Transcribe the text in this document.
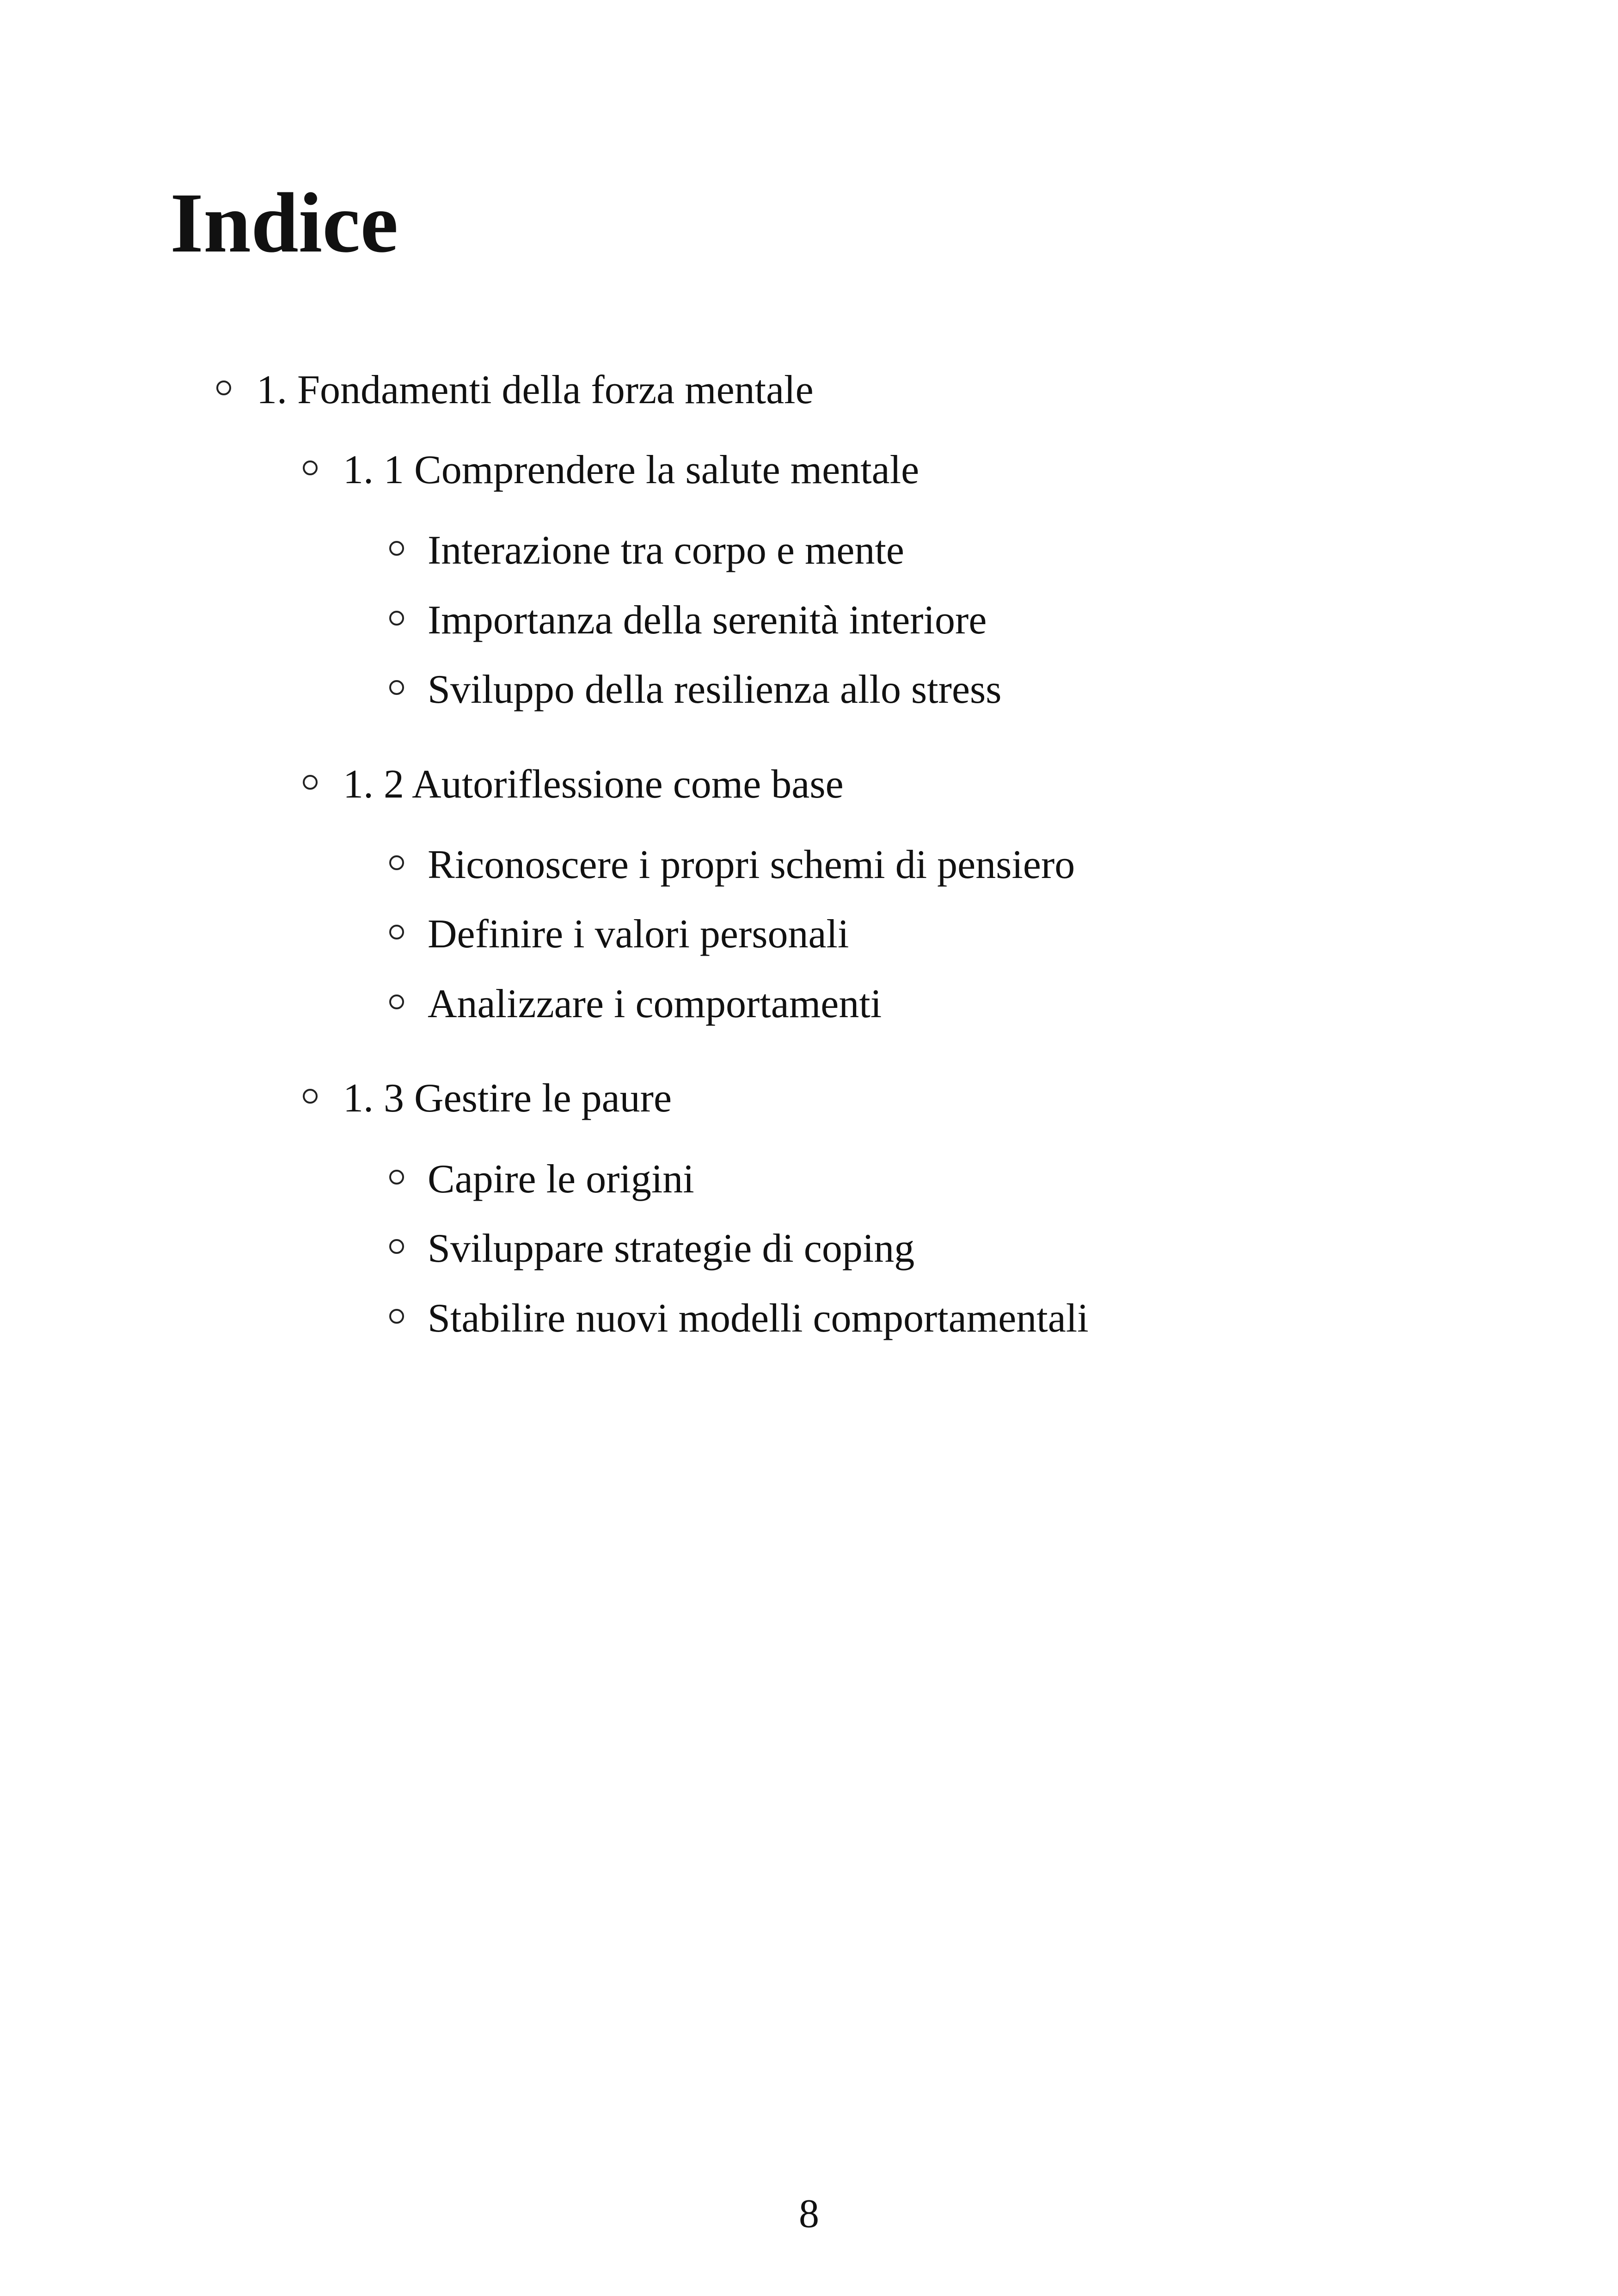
Indice
1. Fondamenti della forza mentale
1. 1 Comprendere la salute mentale
Interazione tra corpo e mente
Importanza della serenità interiore
Sviluppo della resilienza allo stress
1. 2 Autoriflessione come base
Riconoscere i propri schemi di pensiero
Definire i valori personali
Analizzare i comportamenti
1. 3 Gestire le paure
Capire le origini
Sviluppare strategie di coping
Stabilire nuovi modelli comportamentali
8
